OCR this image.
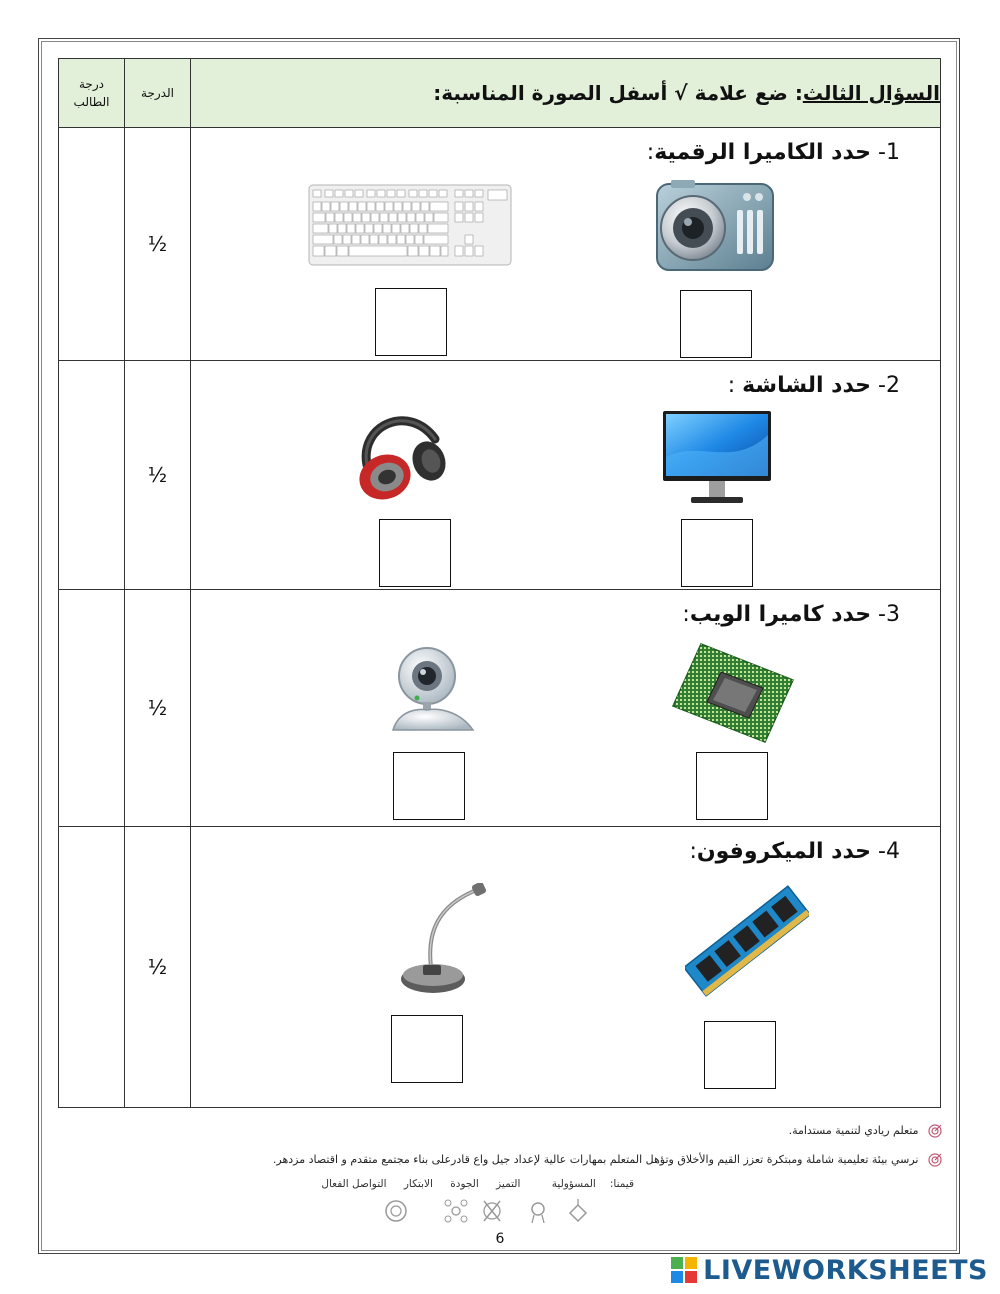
درجة
الطالب	الدرجة	السؤال الثالث: ضع علامة √ أسفل الصورة المناسبة:
	½	1- حدد الكاميرا الرقمية:

	½	2- حدد الشاشة :

	½	3- حدد كاميرا الويب:

	½	4- حدد الميكروفون:
متعلم ريادي لتنمية مستدامة.
نرسي بيئة تعليمية شاملة ومبتكرة تعزز القيم والأخلاق وتؤهل المتعلم بمهارات عالية لإعداد جيل واع قادرعلى بناء مجتمع متقدم و اقتصاد مزدهر.
قيمنا:المسؤولية التميز الجودة الابتكار التواصل الفعال
6
LIVEWORKSHEETS
